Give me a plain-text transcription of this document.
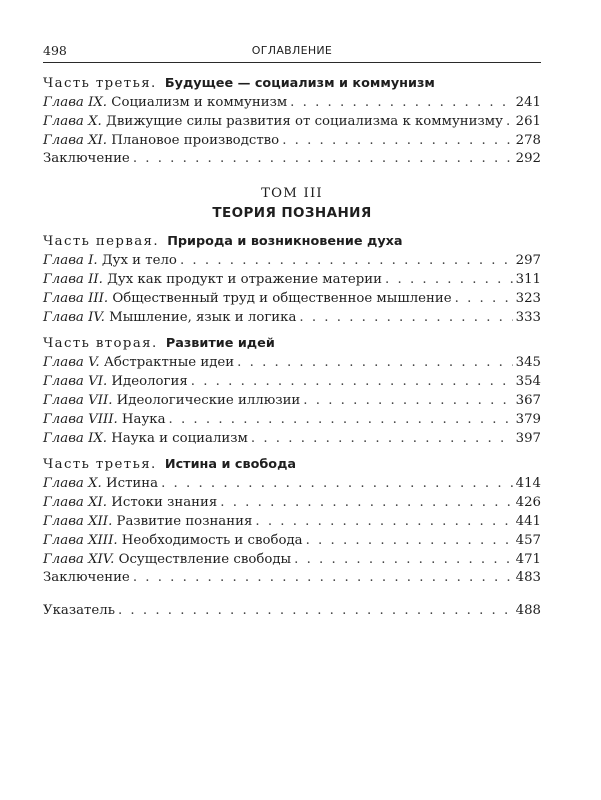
498	ОГЛАВЛЕНИЕ
Часть третья. Будущее — социализм и коммунизм
Глава IX. Социализм и коммунизм . . .	241
Глава X. Движущие силы развития от социализма к коммунизму . . . 261
Глава XI. Плановое производство . . .	278
Заключение . . .	292
ТОМ III
ТЕОРИЯ ПОЗНАНИЯ
Часть первая. Природа и возникновение духа
Глава I. Дух и тело . . .	297
Глава II. Дух как продукт и отражение материи . . .	311
Глава III. Общественный труд и общественное мышление . . .	323
Глава IV. Мышление, язык и логика . . .	333
Часть вторая. Развитие идей
Глава V. Абстрактные идеи . . .	345
Глава VI. Идеология . . .	354
Глава VII. Идеологические иллюзии . . .	367
Глава VIII. Наука . . .	379
Глава IX. Наука и социализм . . .	397
Часть третья. Истина и свобода
Глава X. Истина . . .	414
Глава XI. Истоки знания . . .	426
Глава XII. Развитие познания . . .	441
Глава XIII. Необходимость и свобода . . .	457
Глава XIV. Осуществление свободы . . .	471
Заключение . . .	483
Указатель . . .	488
